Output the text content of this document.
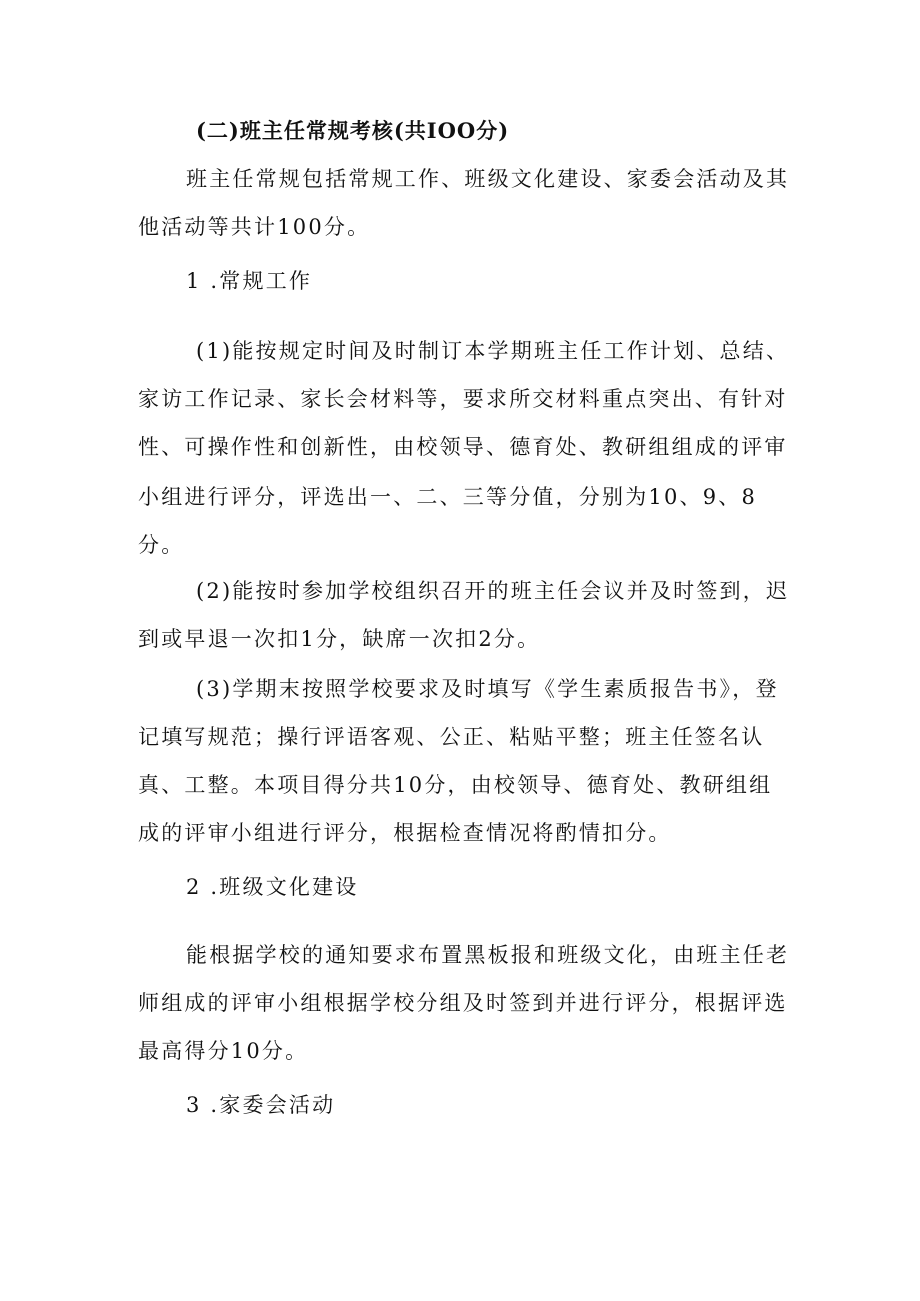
(二)班主任常规考核(共IOO分)

班主任常规包括常规工作、班级文化建设、家委会活动及其

他活动等共计100分。

1 .常规工作

(1)能按规定时间及时制订本学期班主任工作计划、总结、

家访工作记录、家长会材料等，要求所交材料重点突出、有针对

性、可操作性和创新性，由校领导、德育处、教研组组成的评审

小组进行评分，评选出一、二、三等分值，分别为10、9、8

分。

(2)能按时参加学校组织召开的班主任会议并及时签到，迟

到或早退一次扣1分，缺席一次扣2分。

(3)学期末按照学校要求及时填写《学生素质报告书》，登

记填写规范；操行评语客观、公正、粘贴平整；班主任签名认

真、工整。本项目得分共10分，由校领导、德育处、教研组组

成的评审小组进行评分，根据检查情况将酌情扣分。

2 .班级文化建设

能根据学校的通知要求布置黑板报和班级文化，由班主任老

师组成的评审小组根据学校分组及时签到并进行评分，根据评选

最高得分10分。

3 .家委会活动
